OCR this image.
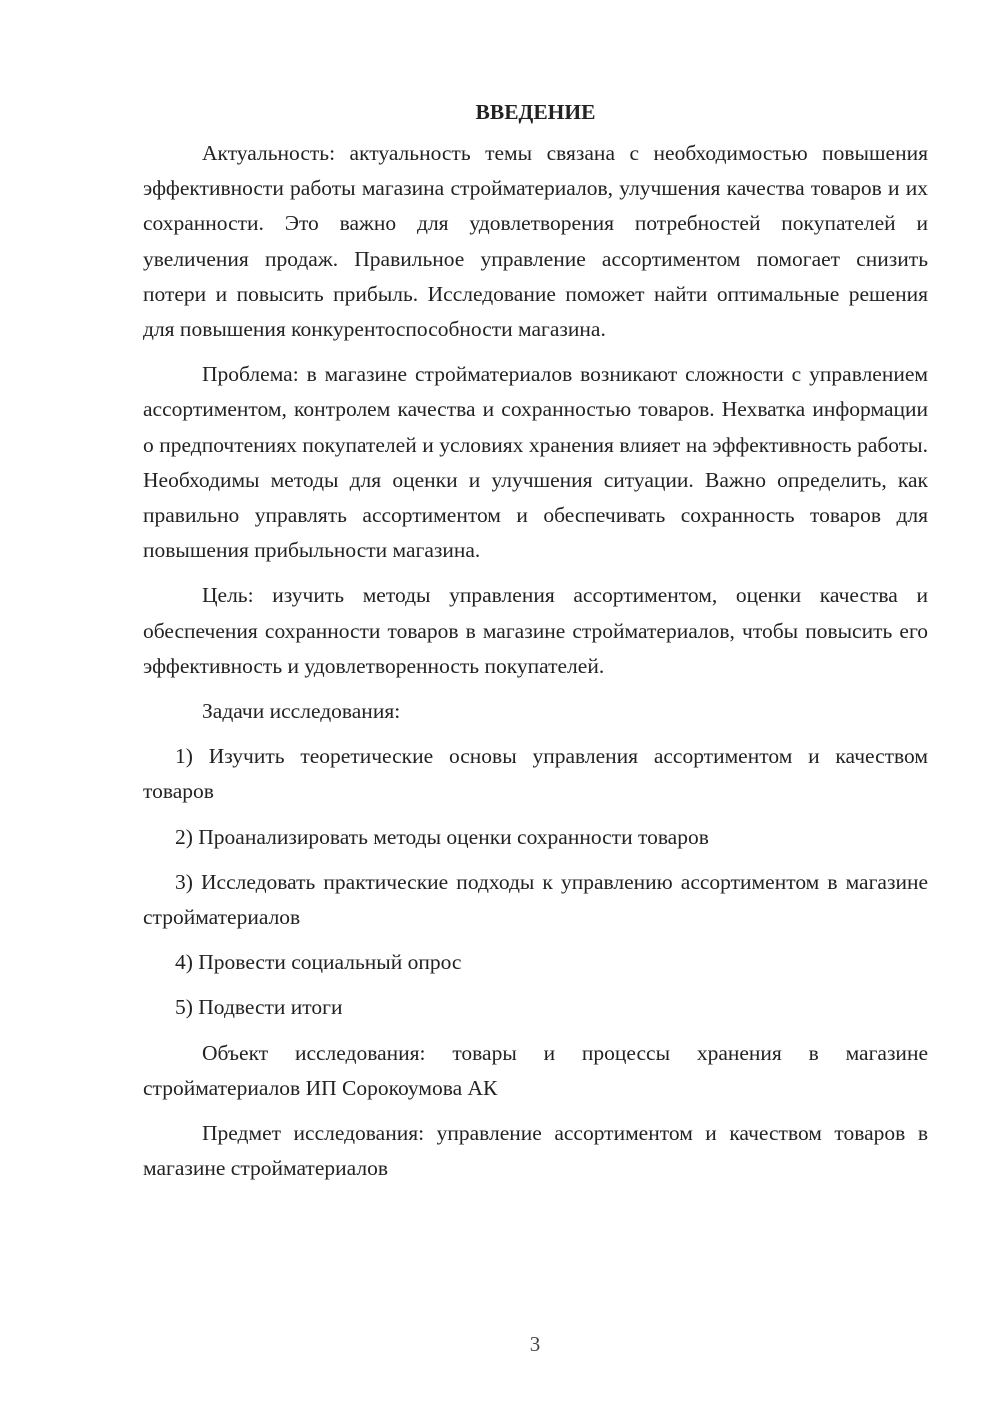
ВВЕДЕНИЕ
Актуальность: актуальность темы связана с необходимостью повышения эффективности работы магазина стройматериалов, улучшения качества товаров и их сохранности. Это важно для удовлетворения потребностей покупателей и увеличения продаж. Правильное управление ассортиментом помогает снизить потери и повысить прибыль. Исследование поможет найти оптимальные решения для повышения конкурентоспособности магазина.
Проблема: в магазине стройматериалов возникают сложности с управлением ассортиментом, контролем качества и сохранностью товаров. Нехватка информации о предпочтениях покупателей и условиях хранения влияет на эффективность работы. Необходимы методы для оценки и улучшения ситуации. Важно определить, как правильно управлять ассортиментом и обеспечивать сохранность товаров для повышения прибыльности магазина.
Цель: изучить методы управления ассортиментом, оценки качества и обеспечения сохранности товаров в магазине стройматериалов, чтобы повысить его эффективность и удовлетворенность покупателей.
Задачи исследования:
1) Изучить теоретические основы управления ассортиментом и качеством товаров
2) Проанализировать методы оценки сохранности товаров
3) Исследовать практические подходы к управлению ассортиментом в магазине стройматериалов
4) Провести социальный опрос
5) Подвести итоги
Объект исследования: товары и процессы хранения в магазине стройматериалов ИП Сорокоумова АК
Предмет исследования: управление ассортиментом и качеством товаров в магазине стройматериалов
3
